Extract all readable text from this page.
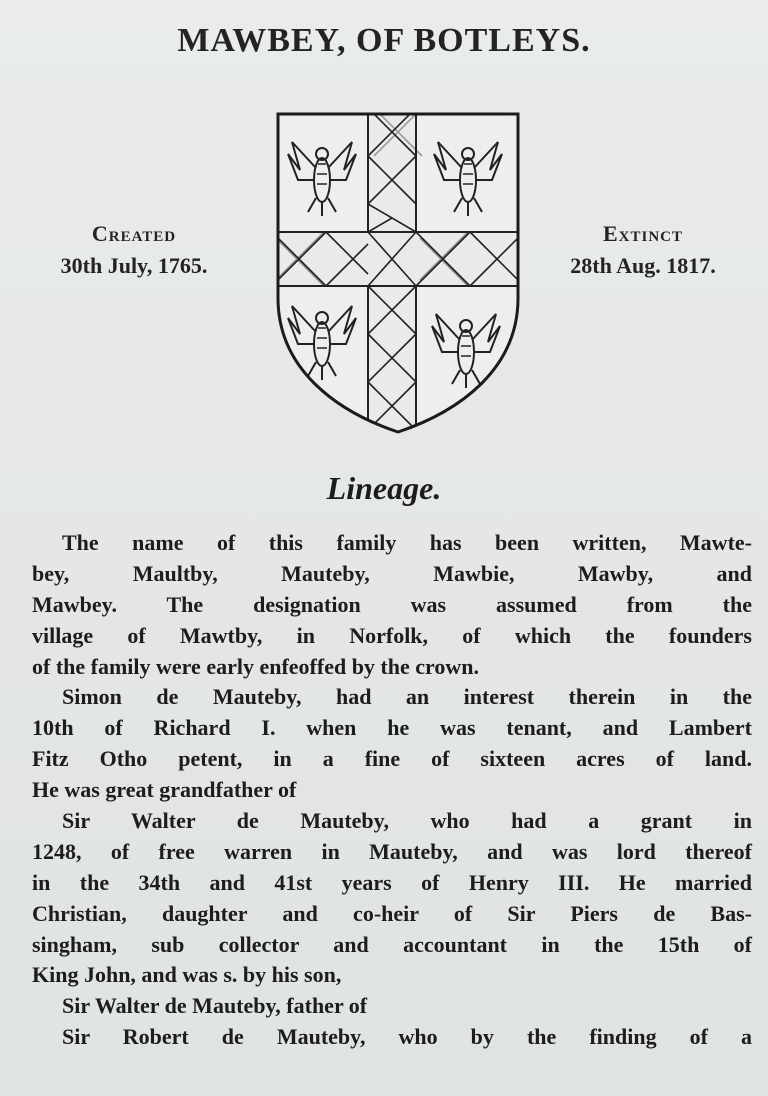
MAWBEY, OF BOTLEYS.
Created
30th July, 1765.
Extinct
28th Aug. 1817.
Lineage.
The name of this family has been written, Mawte-
bey, Maultby, Mauteby, Mawbie, Mawby, and
Mawbey. The designation was assumed from the
village of Mawtby, in Norfolk, of which the founders
of the family were early enfeoffed by the crown.
Simon de Mauteby, had an interest therein in the
10th of Richard I. when he was tenant, and Lambert
Fitz Otho petent, in a fine of sixteen acres of land.
He was great grandfather of
Sir Walter de Mauteby, who had a grant in
1248, of free warren in Mauteby, and was lord thereof
in the 34th and 41st years of Henry III. He married
Christian, daughter and co-heir of Sir Piers de Bas-
singham, sub collector and accountant in the 15th of
King John, and was s. by his son,
Sir Walter de Mauteby, father of
Sir Robert de Mauteby, who by the finding of a
